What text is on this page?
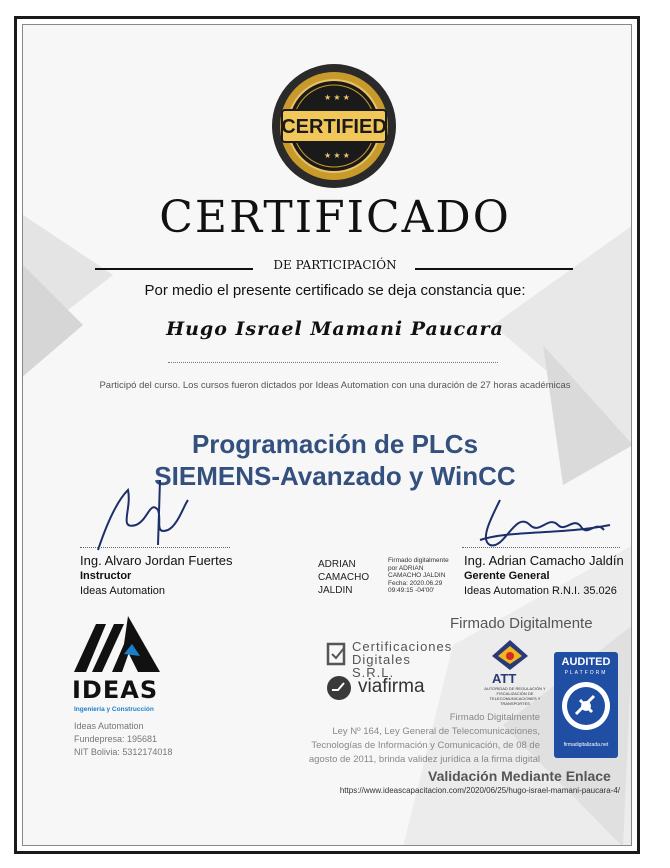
CERTIFIED
★ ★ ★
★ ★ ★
CERTIFICADO
DE PARTICIPACIÓN
Por medio el presente certificado se deja constancia que:
Hugo Israel Mamani Paucara
Participó del curso. Los cursos fueron dictados por Ideas Automation con una duración de 27 horas académicas
Programación de PLCs
SIEMENS-Avanzado y WinCC
Ing. Alvaro Jordan Fuertes
Instructor
Ideas Automation
ADRIAN
CAMACHO
JALDIN
Firmado digitalmente
por ADRIAN
CAMACHO JALDIN
Fecha: 2020.06.29
09:49:15 -04'00'
Ing. Adrian Camacho Jaldín
Gerente General
Ideas Automation R.N.I. 35.026
IDEAS
Ingeniería y Construcción
Ideas Automation
Fundepresa: 195681
NIT Bolivia: 5312174018
Firmado Digitalmente
Certificaciones
Digitales S.R.L.
viafirma	ATT
AUTORIDAD DE REGULACIÓN Y FISCALIZACIÓN DE TELECOMUNICACIONES Y TRANSPORTES
AUDITED
PLATFORM
firmadigitalizada.net
Firmado Digitalmente
Ley Nº 164, Ley General de Telecomunicaciones,
Tecnologías de Información y Comunicación, de 08 de
agosto de 2011, brinda validez jurídica a la firma digital
Validación Mediante Enlace
https://www.ideascapacitacion.com/2020/06/25/hugo-israel-mamani-paucara-4/
